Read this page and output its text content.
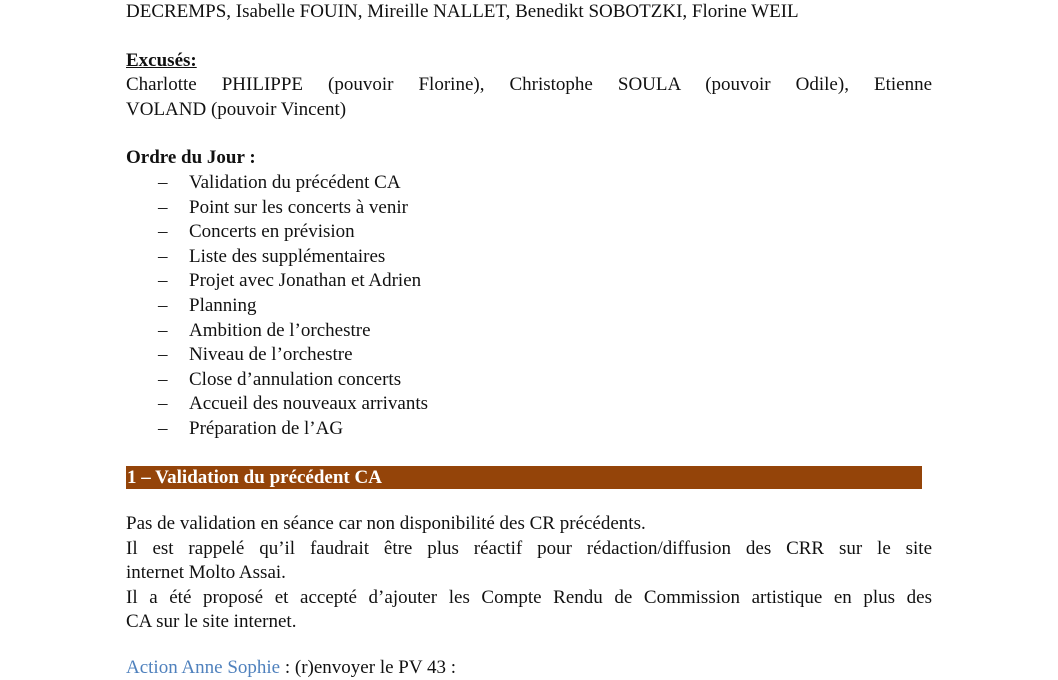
DECREMPS, Isabelle FOUIN, Mireille NALLET, Benedikt SOBOTZKI, Florine WEIL
Excusés:
Charlotte PHILIPPE (pouvoir Florine), Christophe SOULA (pouvoir Odile), Etienne
VOLAND (pouvoir Vincent)
Ordre du Jour :
– Validation du précédent CA
– Point sur les concerts à venir
– Concerts en prévision
– Liste des supplémentaires
– Projet avec Jonathan et Adrien
– Planning
– Ambition de l’orchestre
– Niveau de l’orchestre
– Close d’annulation concerts
– Accueil des nouveaux arrivants
– Préparation de l’AG
1 – Validation du précédent CA
Pas de validation en séance car non disponibilité des CR précédents.
Il est rappelé qu’il faudrait être plus réactif pour rédaction/diffusion des CRR sur le site
internet Molto Assai.
Il a été proposé et accepté d’ajouter les Compte Rendu de Commission artistique en plus des
CA sur le site internet.
Action Anne Sophie : (r)envoyer le PV 43 :
